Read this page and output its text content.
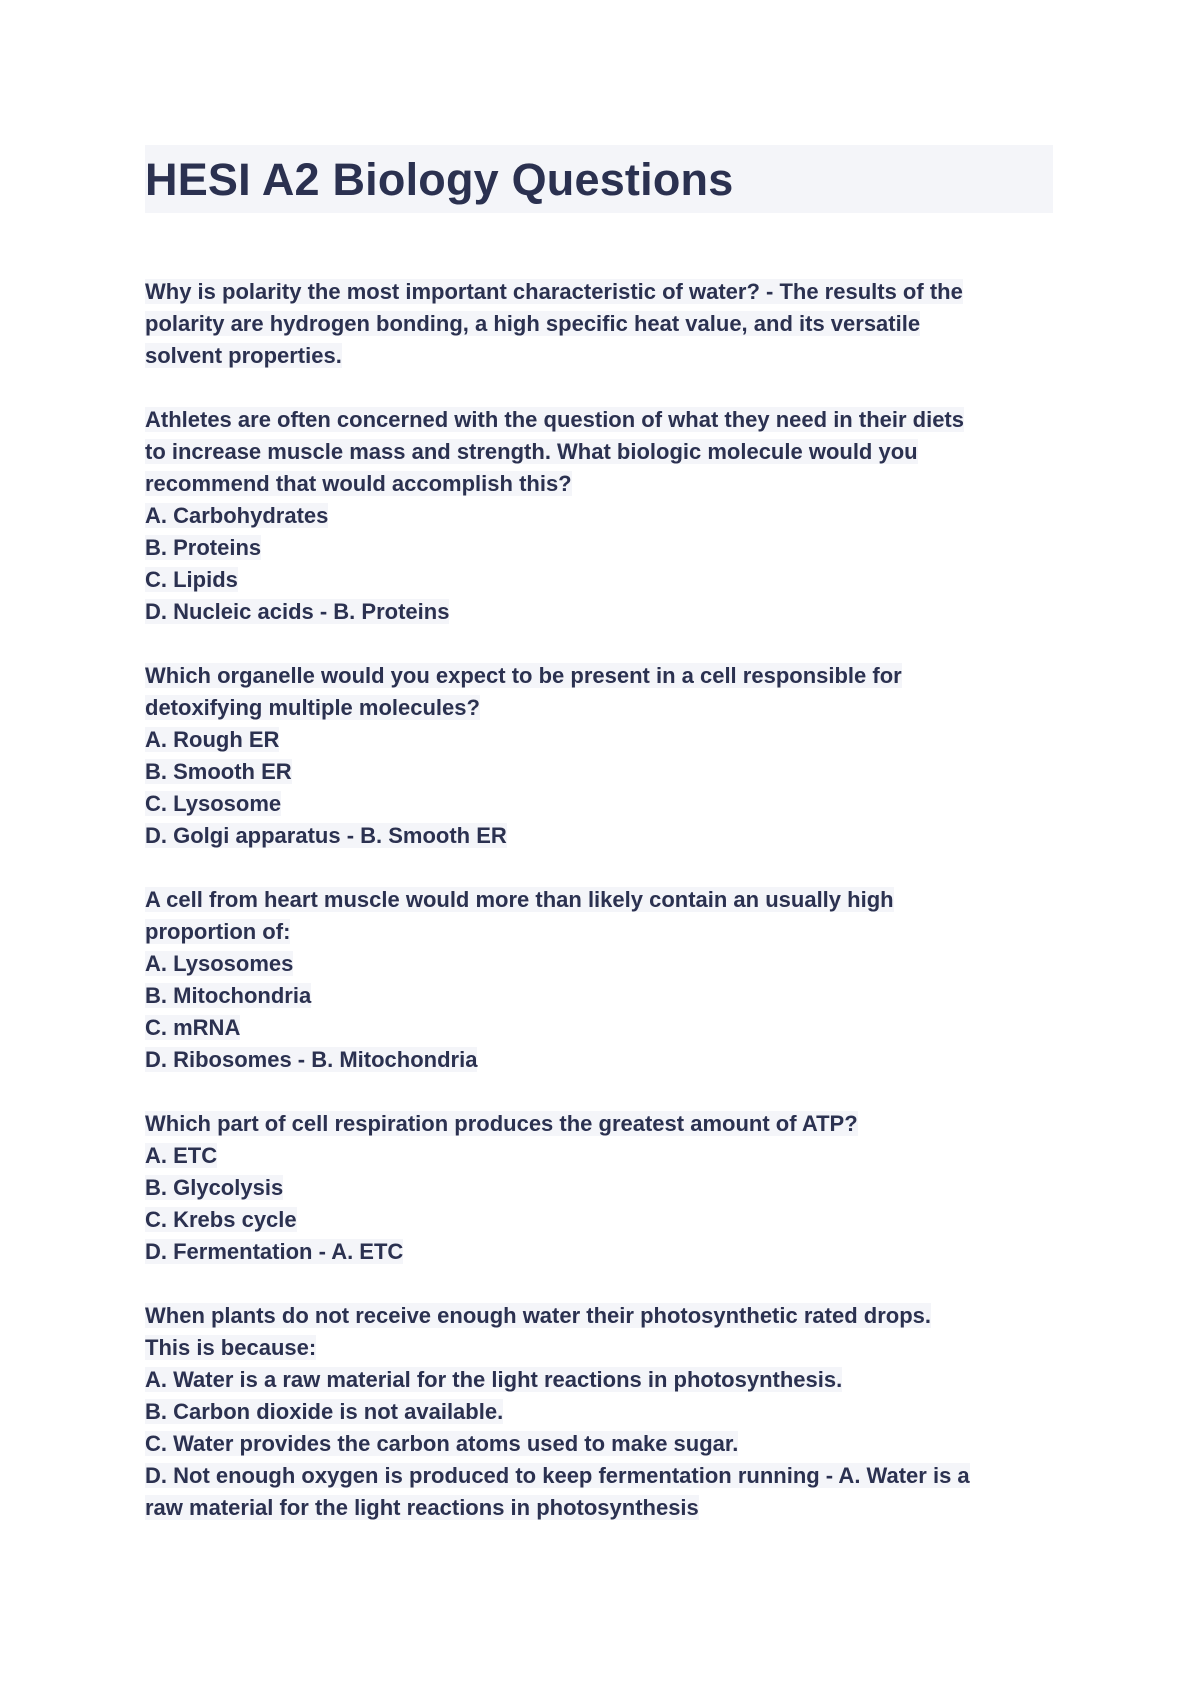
HESI A2 Biology Questions
Why is polarity the most important characteristic of water? - The results of the
polarity are hydrogen bonding, a high specific heat value, and its versatile
solvent properties.
Athletes are often concerned with the question of what they need in their diets
to increase muscle mass and strength. What biologic molecule would you
recommend that would accomplish this?
A. Carbohydrates
B. Proteins
C. Lipids
D. Nucleic acids - B. Proteins
Which organelle would you expect to be present in a cell responsible for
detoxifying multiple molecules?
A. Rough ER
B. Smooth ER
C. Lysosome
D. Golgi apparatus - B. Smooth ER
A cell from heart muscle would more than likely contain an usually high
proportion of:
A. Lysosomes
B. Mitochondria
C. mRNA
D. Ribosomes - B. Mitochondria
Which part of cell respiration produces the greatest amount of ATP?
A. ETC
B. Glycolysis
C. Krebs cycle
D. Fermentation - A. ETC
When plants do not receive enough water their photosynthetic rated drops.
This is because:
A. Water is a raw material for the light reactions in photosynthesis.
B. Carbon dioxide is not available.
C. Water provides the carbon atoms used to make sugar.
D. Not enough oxygen is produced to keep fermentation running - A. Water is a
raw material for the light reactions in photosynthesis
